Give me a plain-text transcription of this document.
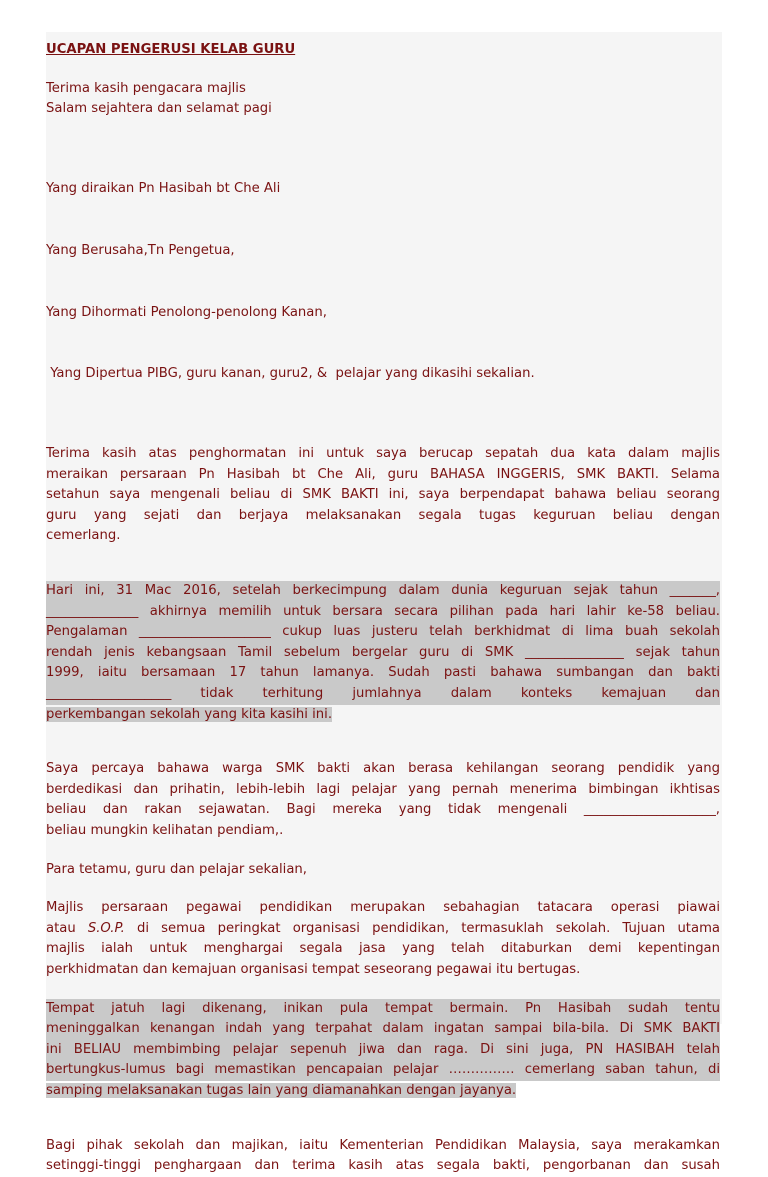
UCAPAN PENGERUSI KELAB GURU

Terima kasih pengacara majlis
Salam sejahtera dan selamat pagi

Yang diraikan Pn Hasibah bt Che Ali

Yang Berusaha,Tn Pengetua,

Yang Dihormati Penolong-penolong Kanan,

Yang Dipertua PIBG, guru kanan, guru2, &  pelajar yang dikasihi sekalian.

Terima kasih atas penghormatan ini untuk saya berucap sepatah dua kata dalam majlis
meraikan persaraan Pn Hasibah bt Che Ali, guru BAHASA INGGERIS, SMK BAKTI. Selama
setahun saya mengenali beliau di SMK BAKTI ini, saya berpendapat bahawa beliau seorang
guru yang sejati dan berjaya melaksanakan segala tugas keguruan beliau dengan
cemerlang.
Hari ini, 31 Mac 2016, setelah berkecimpung dalam dunia keguruan sejak tahun _______,
______________ akhirnya memilih untuk bersara secara pilihan pada hari lahir ke-58 beliau.
Pengalaman ____________________ cukup luas justeru telah berkhidmat di lima buah sekolah
rendah jenis kebangsaan Tamil sebelum bergelar guru di SMK _______________ sejak tahun
1999, iaitu bersamaan 17 tahun lamanya. Sudah pasti bahawa sumbangan dan bakti
___________________ tidak terhitung jumlahnya dalam konteks kemajuan dan
perkembangan sekolah yang kita kasihi ini.
Saya percaya bahawa warga SMK bakti akan berasa kehilangan seorang pendidik yang
berdedikasi dan prihatin, lebih-lebih lagi pelajar yang pernah menerima bimbingan ikhtisas
beliau dan rakan sejawatan. Bagi mereka yang tidak mengenali ____________________,
beliau mungkin kelihatan pendiam,.
Para tetamu, guru dan pelajar sekalian,
Majlis persaraan pegawai pendidikan merupakan sebahagian tatacara operasi piawai
atau S.O.P. di semua peringkat organisasi pendidikan, termasuklah sekolah. Tujuan utama
majlis ialah untuk menghargai segala jasa yang telah ditaburkan demi kepentingan
perkhidmatan dan kemajuan organisasi tempat seseorang pegawai itu bertugas.
Tempat jatuh lagi dikenang, inikan pula tempat bermain. Pn Hasibah sudah tentu
meninggalkan kenangan indah yang terpahat dalam ingatan sampai bila-bila. Di SMK BAKTI
ini BELIAU membimbing pelajar sepenuh jiwa dan raga. Di sini juga, PN HASIBAH telah
bertungkus-lumus bagi memastikan pencapaian pelajar …………… cemerlang saban tahun, di
samping melaksanakan tugas lain yang diamanahkan dengan jayanya.
Bagi pihak sekolah dan majikan, iaitu Kementerian Pendidikan Malaysia, saya merakamkan
setinggi-tinggi penghargaan dan terima kasih atas segala bakti, pengorbanan dan susah
